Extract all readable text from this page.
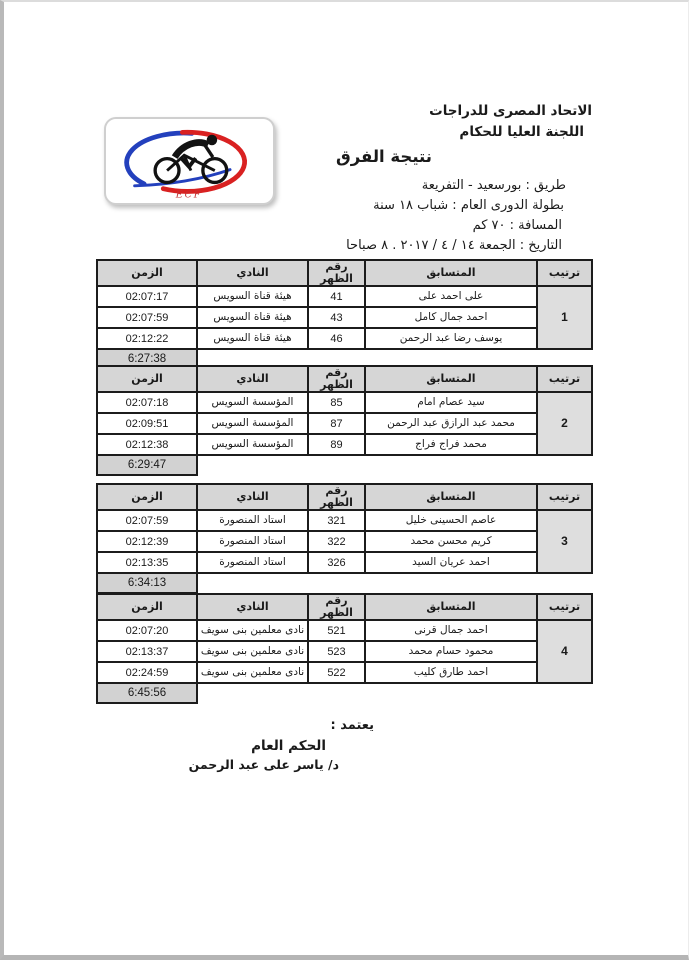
ECF
الاتحاد المصرى للدراجات
اللجنة العليا للحكام
نتيجة الفرق
طريق : بورسعيد - التفريعة
بطولة الدورى العام : شباب ١٨ سنة
المسافة : ٧٠ كم
التاريخ : الجمعة ١٤ / ٤ / ٢٠١٧ . ٨ صباحا
ترتيب	المتسابق	رقم الظهر	النادي	الزمن
1	على احمد على	41	هيئة قناة السويس	02:07:17
	احمد جمال كامل	43	هيئة قناة السويس	02:07:59
	يوسف رضا عبد الرحمن	46	هيئة قناة السويس	02:12:22
				6:27:38
ترتيب	المتسابق	رقم الظهر	النادي	الزمن
2	سيد عصام امام	85	المؤسسة السويس	02:07:18
	محمد عبد الرازق عبد الرحمن	87	المؤسسة السويس	02:09:51
	محمد فراج فراج	89	المؤسسة السويس	02:12:38
				6:29:47
ترتيب	المتسابق	رقم الظهر	النادي	الزمن
3	عاصم الحسينى خليل	321	استاد المنصورة	02:07:59
	كريم محسن محمد	322	استاد المنصورة	02:12:39
	احمد عريان السيد	326	استاد المنصورة	02:13:35
				6:34:13
ترتيب	المتسابق	رقم الظهر	النادي	الزمن
4	احمد جمال قرنى	521	نادى معلمين بنى سويف	02:07:20
	محمود حسام محمد	523	نادى معلمين بنى سويف	02:13:37
	احمد طارق كليب	522	نادى معلمين بنى سويف	02:24:59
				6:45:56
يعتمد :
الحكم العام
د/ ياسر على عبد الرحمن
